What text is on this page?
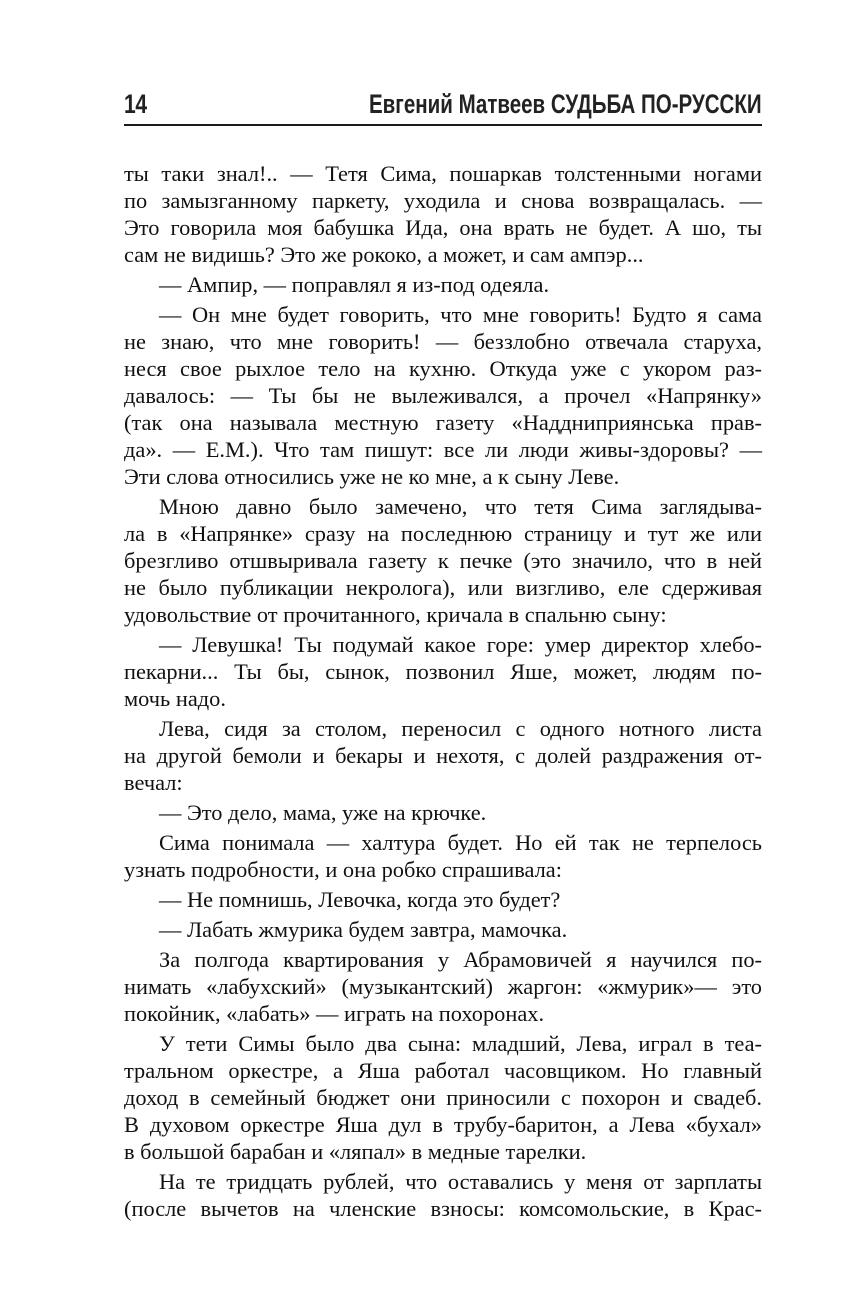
14	Евгений Матвеев СУДЬБА ПО-РУССКИ
ты таки знал!.. — Тетя Сима, пошаркав толстенными ногами
по замызганному паркету, уходила и снова возвращалась. —
Это говорила моя бабушка Ида, она врать не будет. А шо, ты
сам не видишь? Это же рококо, а может, и сам ампэр...
— Ампир, — поправлял я из-под одеяла.
— Он мне будет говорить, что мне говорить! Будто я сама
не знаю, что мне говорить! — беззлобно отвечала старуха,
неся свое рыхлое тело на кухню. Откуда уже с укором раз-
давалось: — Ты бы не вылеживался, а прочел «Напрянку»
(так она называла местную газету «Наддниприянська прав-
да». — Е.М.). Что там пишут: все ли люди живы-здоровы? —
Эти слова относились уже не ко мне, а к сыну Леве.
Мною давно было замечено, что тетя Сима заглядыва-
ла в «Напрянке» сразу на последнюю страницу и тут же или
брезгливо отшвыривала газету к печке (это значило, что в ней
не было публикации некролога), или визгливо, еле сдерживая
удовольствие от прочитанного, кричала в спальню сыну:
— Левушка! Ты подумай какое горе: умер директор хлебо-
пекарни... Ты бы, сынок, позвонил Яше, может, людям по-
мочь надо.
Лева, сидя за столом, переносил с одного нотного листа
на другой бемоли и бекары и нехотя, с долей раздражения от-
вечал:
— Это дело, мама, уже на крючке.
Сима понимала — халтура будет. Но ей так не терпелось
узнать подробности, и она робко спрашивала:
— Не помнишь, Левочка, когда это будет?
— Лабать жмурика будем завтра, мамочка.
За полгода квартирования у Абрамовичей я научился по-
нимать «лабухский» (музыкантский) жаргон: «жмурик»— это
покойник, «лабать» — играть на похоронах.
У тети Симы было два сына: младший, Лева, играл в теа-
тральном оркестре, а Яша работал часовщиком. Но главный
доход в семейный бюджет они приносили с похорон и свадеб.
В духовом оркестре Яша дул в трубу-баритон, а Лева «бухал»
в большой барабан и «ляпал» в медные тарелки.
На те тридцать рублей, что оставались у меня от зарплаты
(после вычетов на членские взносы: комсомольские, в Крас-
